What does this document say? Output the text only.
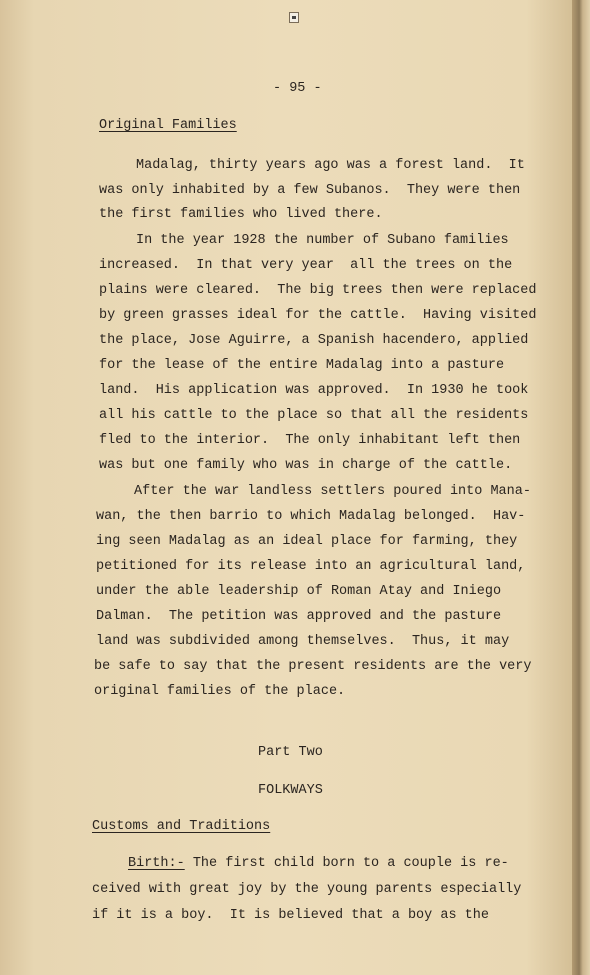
- 95 -

Original Families

Madalag, thirty years ago was a forest land.  It

was only inhabited by a few Subanos.  They were then

the first families who lived there.

In the year 1928 the number of Subano families

increased.  In that very year  all the trees on the

plains were cleared.  The big trees then were replaced

by green grasses ideal for the cattle.  Having visited

the place, Jose Aguirre, a Spanish hacendero, applied

for the lease of the entire Madalag into a pasture

land.  His application was approved.  In 1930 he took

all his cattle to the place so that all the residents

fled to the interior.  The only inhabitant left then

was but one family who was in charge of the cattle.

After the war landless settlers poured into Mana-

wan, the then barrio to which Madalag belonged.  Hav-

ing seen Madalag as an ideal place for farming, they

petitioned for its release into an agricultural land,

under the able leadership of Roman Atay and Iniego

Dalman.  The petition was approved and the pasture

land was subdivided among themselves.  Thus, it may

be safe to say that the present residents are the very

original families of the place.

Part Two

FOLKWAYS

Customs and Traditions

Birth:- The first child born to a couple is re-

ceived with great joy by the young parents especially

if it is a boy.  It is believed that a boy as the
